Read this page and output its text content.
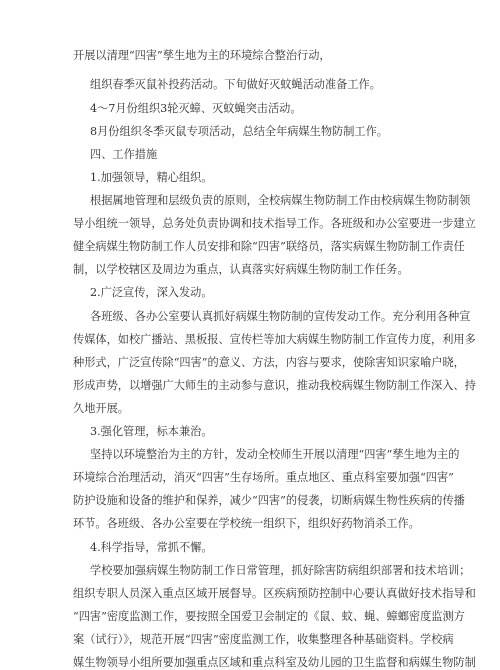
开展以清理“四害”孳生地为主的环境综合整治行动，
组织春季灭鼠补投药活动。下旬做好灭蚊蝇活动准备工作。
4～7月份组织3轮灭蟑、灭蚊蝇突击活动。
8月份组织冬季灭鼠专项活动，总结全年病媒生物防制工作。
四、工作措施
1.加强领导，精心组织。
根据属地管理和层级负责的原则，全校病媒生物防制工作由校病媒生物防制领
导小组统一领导，总务处负责协调和技术指导工作。各班级和办公室要进一步建立
健全病媒生物防制工作人员安排和除“四害”联络员，落实病媒生物防制工作责任
制，以学校辖区及周边为重点，认真落实好病媒生物防制工作任务。
2.广泛宣传，深入发动。
各班级、各办公室要认真抓好病媒生物防制的宣传发动工作。充分利用各种宣
传媒体，如校广播站、黑板报、宣传栏等加大病媒生物防制工作宣传力度，利用多
种形式，广泛宣传除“四害”的意义、方法，内容与要求，使除害知识家喻户晓，
形成声势，以增强广大师生的主动参与意识，推动我校病媒生物防制工作深入、持
久地开展。
3.强化管理，标本兼治。
坚持以环境整治为主的方针，发动全校师生开展以清理“四害”孳生地为主的
环境综合治理活动，消灭“四害”生存场所。重点地区、重点科室要加强“四害”
防护设施和设备的维护和保养，减少“四害”的侵袭，切断病媒生物性疾病的传播
环节。各班级、各办公室要在学校统一组织下，组织好药物消杀工作。
4.科学指导，常抓不懈。
学校要加强病媒生物防制工作日常管理，抓好除害防病组织部署和技术培训；
组织专职人员深入重点区域开展督导。区疾病预防控制中心要认真做好技术指导和
“四害”密度监测工作，要按照全国爱卫会制定的《鼠、蚊、蝇、蟑螂密度监测方
案（试行）》，规范开展“四害”密度监测工作，收集整理各种基础资料。学校病
媒生物领导小组所要加强重点区域和重点科室及幼儿园的卫生监督和病媒生物防制
